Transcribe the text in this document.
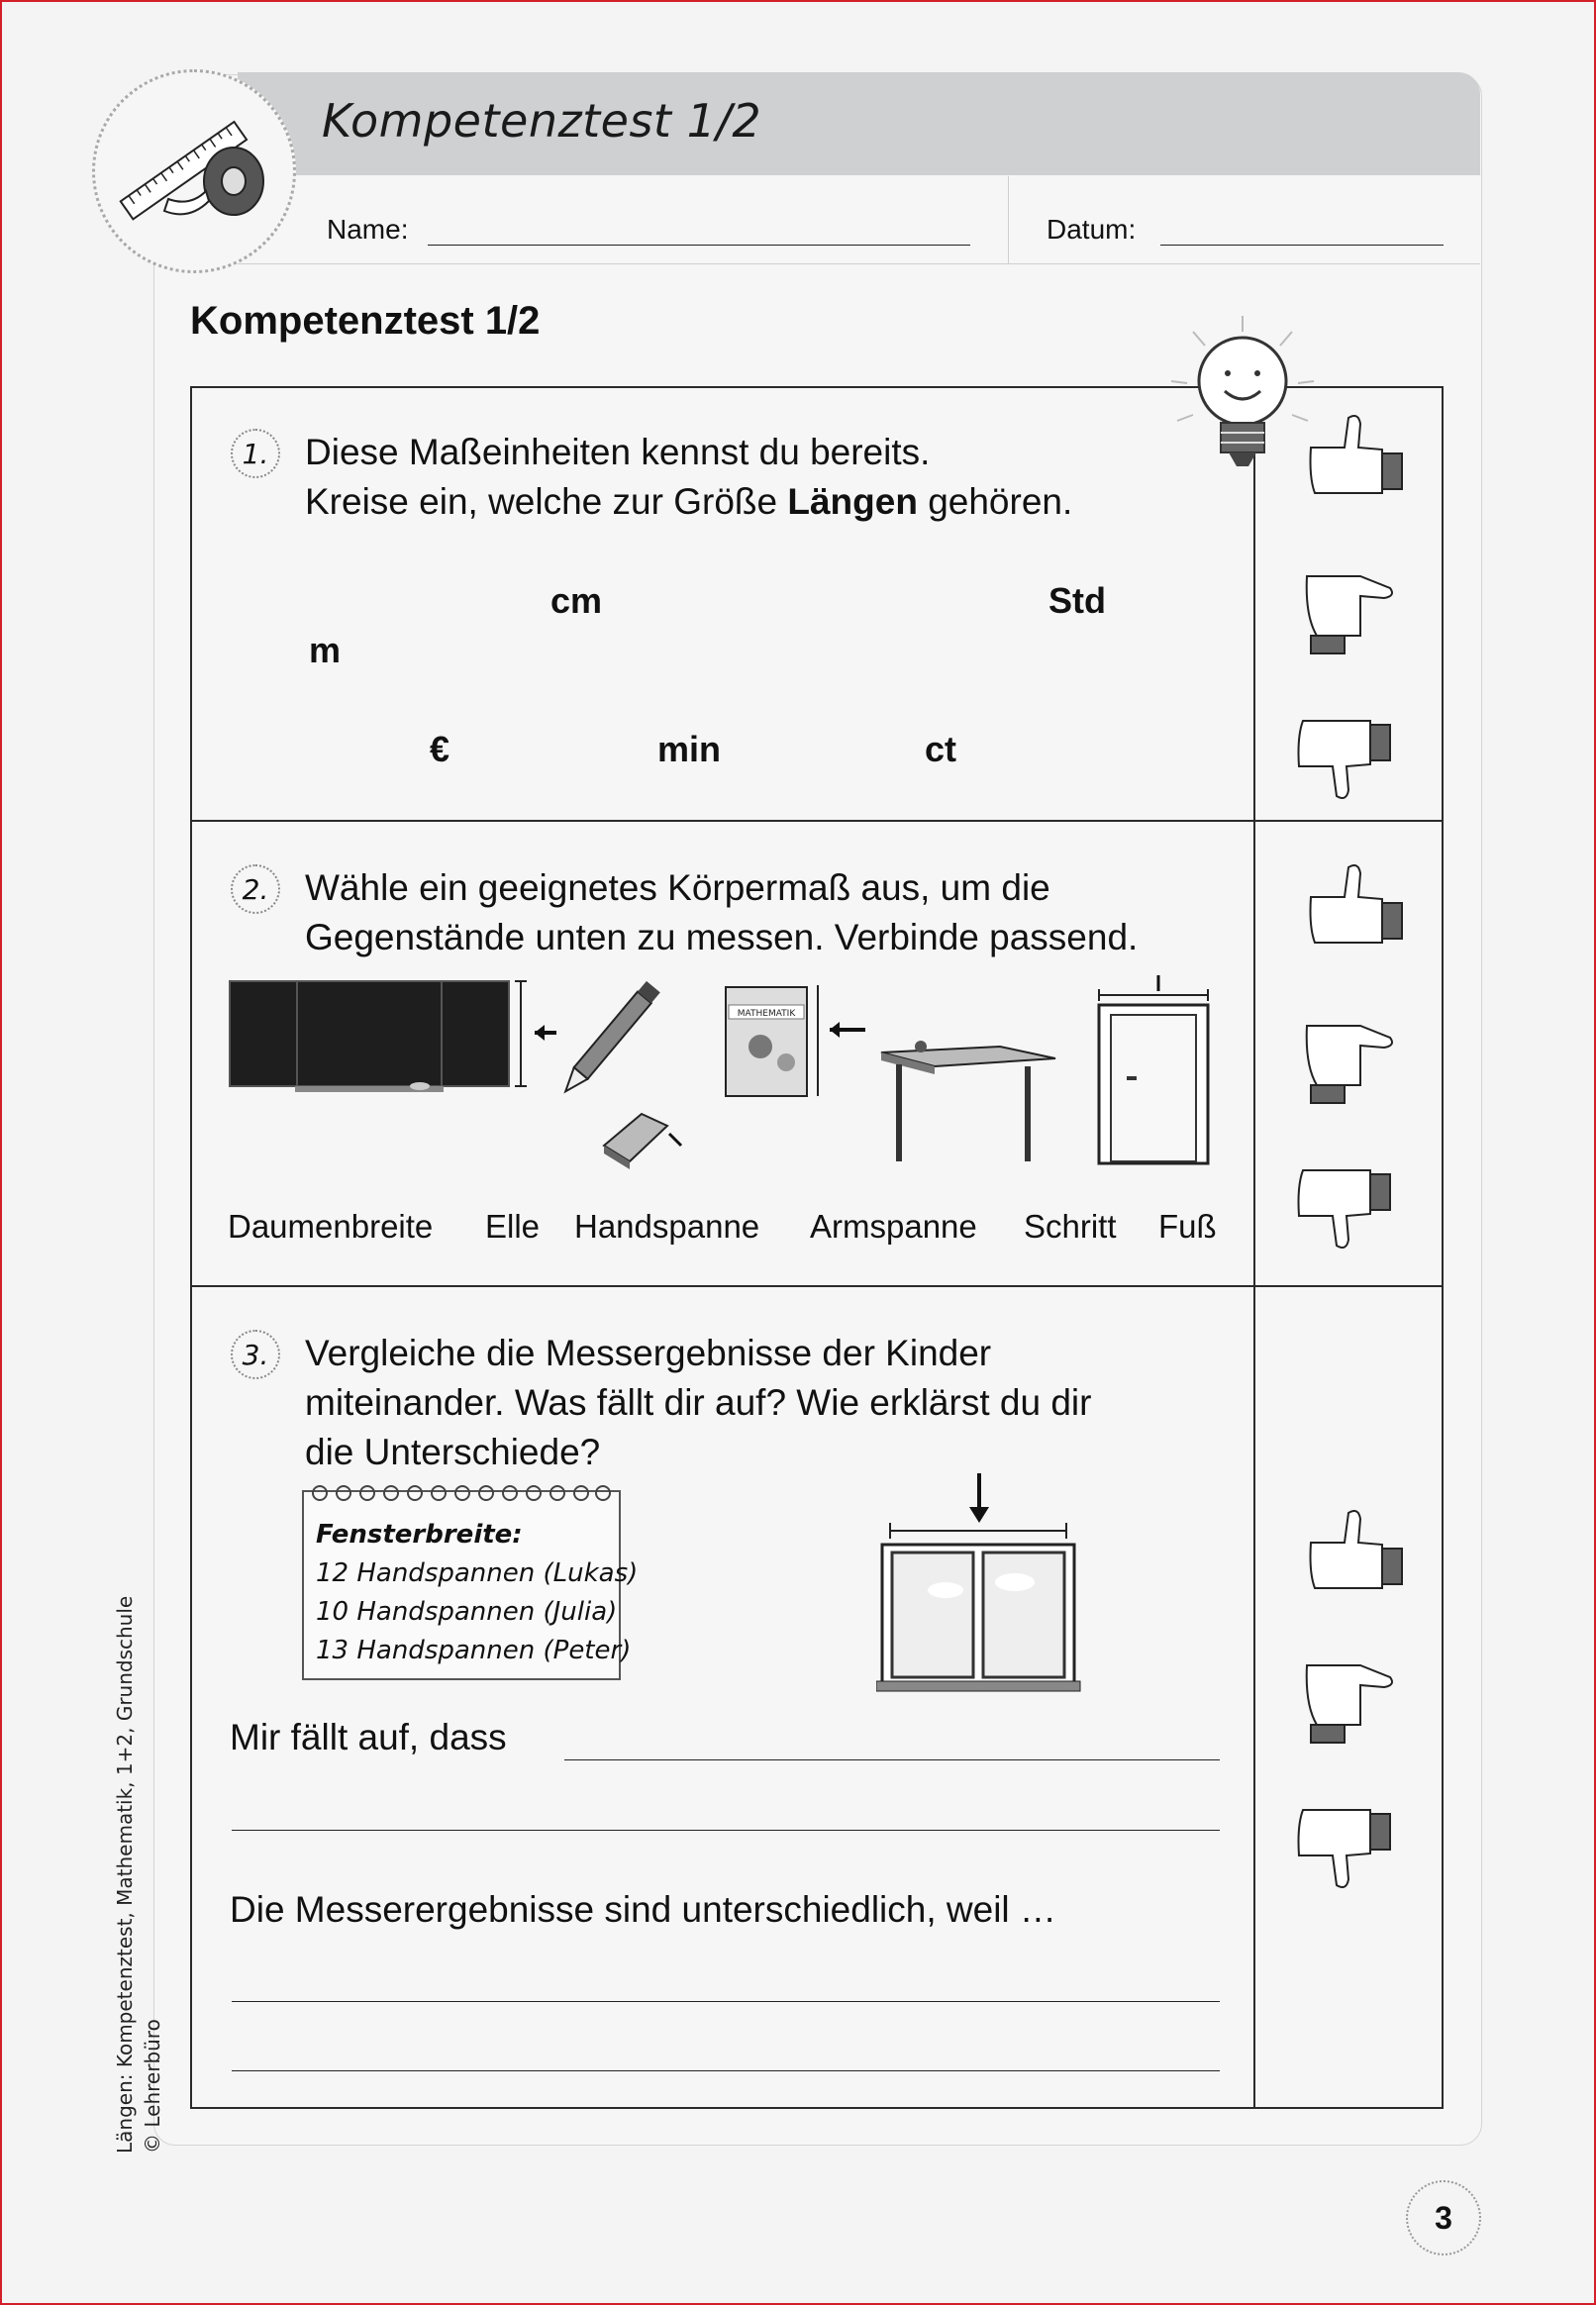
Kompetenztest 1/2
Name:	Datum:
Kompetenztest 1/2
1. Diese Maßeinheiten kennst du bereits.
Kreise ein, welche zur Größe Längen gehören.
cm	Std
m
€	min	ct
2. Wähle ein geeignetes Körpermaß aus, um die
Gegenstände unten zu messen. Verbinde passend.
MATHEMATIK
Daumenbreite Elle Handspanne Armspanne Schritt Fuß
3. Vergleiche die Messergebnisse der Kinder
miteinander. Was fällt dir auf? Wie erklärst du dir
die Unterschiede?
Fensterbreite:
12 Handspannen (Lukas)
10 Handspannen (Julia)
13 Handspannen (Peter)
Mir fällt auf, dass
Die Messerergebnisse sind unterschiedlich, weil …
Längen: Kompetenztest, Mathematik, 1+2, Grundschule © Lehrerbüro
3
